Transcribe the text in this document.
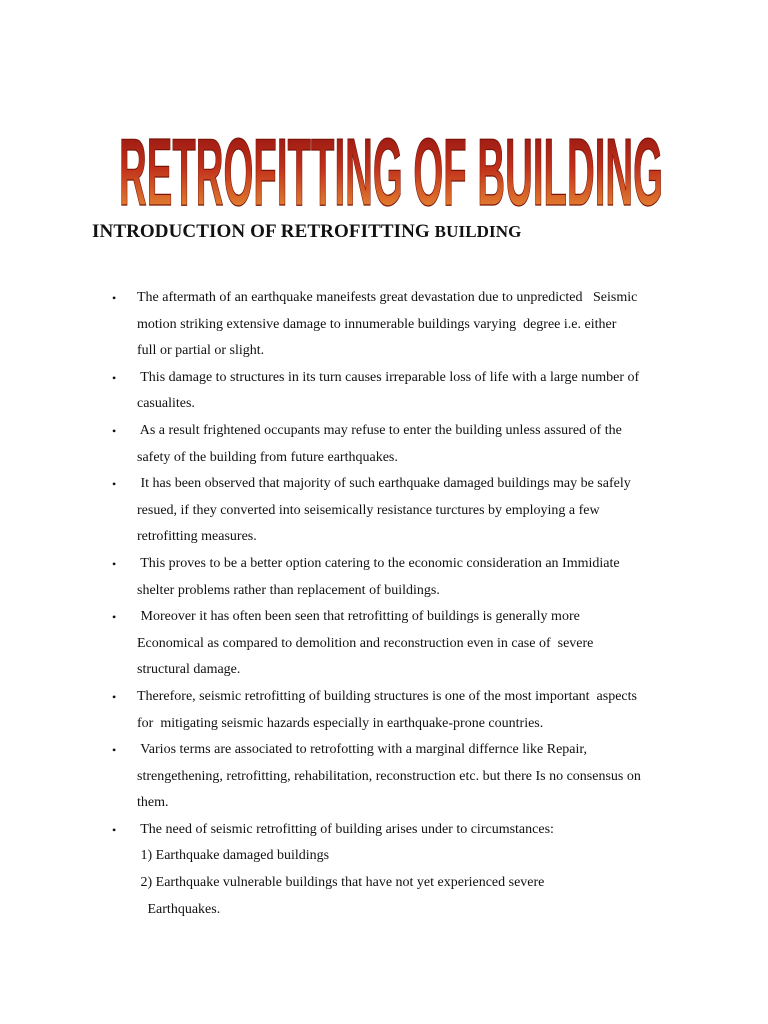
RETROFITTING OF BUILDING
INTRODUCTION OF RETROFITTING BUILDING
• The aftermath of an earthquake maneifests great devastation due to unpredicted   Seismic
motion striking extensive damage to innumerable buildings varying  degree i.e. either
full or partial or slight.
• This damage to structures in its turn causes irreparable loss of life with a large number of
casualites.
• As a result frightened occupants may refuse to enter the building unless assured of the
safety of the building from future earthquakes.
• It has been observed that majority of such earthquake damaged buildings may be safely
resued, if they converted into seisemically resistance turctures by employing a few
retrofitting measures.
• This proves to be a better option catering to the economic consideration an Immidiate
shelter problems rather than replacement of buildings.
• Moreover it has often been seen that retrofitting of buildings is generally more
Economical as compared to demolition and reconstruction even in case of  severe
structural damage.
• Therefore, seismic retrofitting of building structures is one of the most important  aspects
for  mitigating seismic hazards especially in earthquake-prone countries.
• Varios terms are associated to retrofotting with a marginal differnce like Repair,
strengethening, retrofitting, rehabilitation, reconstruction etc. but there Is no consensus on
them.
• The need of seismic retrofitting of building arises under to circumstances:
1) Earthquake damaged buildings
2) Earthquake vulnerable buildings that have not yet experienced severe
Earthquakes.
